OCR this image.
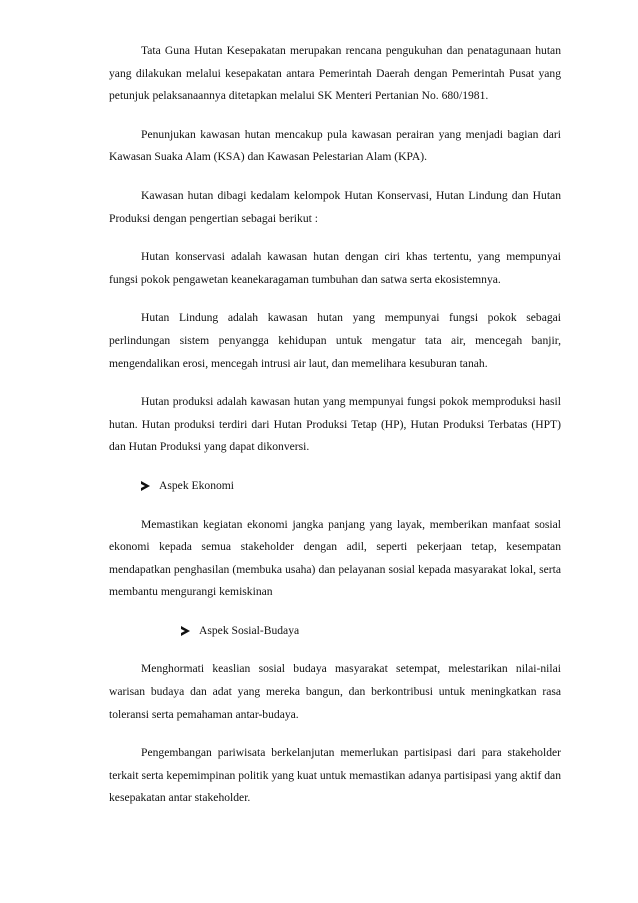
Tata Guna Hutan Kesepakatan merupakan rencana pengukuhan dan penatagunaan hutan yang dilakukan melalui kesepakatan antara Pemerintah Daerah dengan Pemerintah Pusat yang petunjuk pelaksanaannya ditetapkan melalui SK Menteri Pertanian No. 680/1981.

Penunjukan kawasan hutan mencakup pula kawasan perairan yang menjadi bagian dari Kawasan Suaka Alam (KSA) dan Kawasan Pelestarian Alam (KPA).

Kawasan hutan dibagi kedalam kelompok Hutan Konservasi, Hutan Lindung dan Hutan Produksi dengan pengertian sebagai berikut :

Hutan konservasi adalah kawasan hutan dengan ciri khas tertentu, yang mempunyai fungsi pokok pengawetan keanekaragaman tumbuhan dan satwa serta ekosistemnya.

Hutan Lindung adalah kawasan hutan yang mempunyai fungsi pokok sebagai perlindungan sistem penyangga kehidupan untuk mengatur tata air, mencegah banjir, mengendalikan erosi, mencegah intrusi air laut, dan memelihara kesuburan tanah.

Hutan produksi adalah kawasan hutan yang mempunyai fungsi pokok memproduksi hasil hutan. Hutan produksi terdiri dari Hutan Produksi Tetap (HP), Hutan Produksi Terbatas (HPT) dan Hutan Produksi yang dapat dikonversi.

Aspek Ekonomi

Memastikan kegiatan ekonomi jangka panjang yang layak, memberikan manfaat sosial ekonomi kepada semua stakeholder dengan adil, seperti pekerjaan tetap, kesempatan mendapatkan penghasilan (membuka usaha) dan pelayanan sosial kepada masyarakat lokal, serta membantu mengurangi kemiskinan

Aspek Sosial-Budaya

Menghormati keaslian sosial budaya masyarakat setempat, melestarikan nilai-nilai warisan budaya dan adat yang mereka bangun, dan berkontribusi untuk meningkatkan rasa toleransi serta pemahaman antar-budaya.

Pengembangan pariwisata berkelanjutan memerlukan partisipasi dari para stakeholder terkait serta kepemimpinan politik yang kuat untuk memastikan adanya partisipasi yang aktif dan kesepakatan antar stakeholder.
